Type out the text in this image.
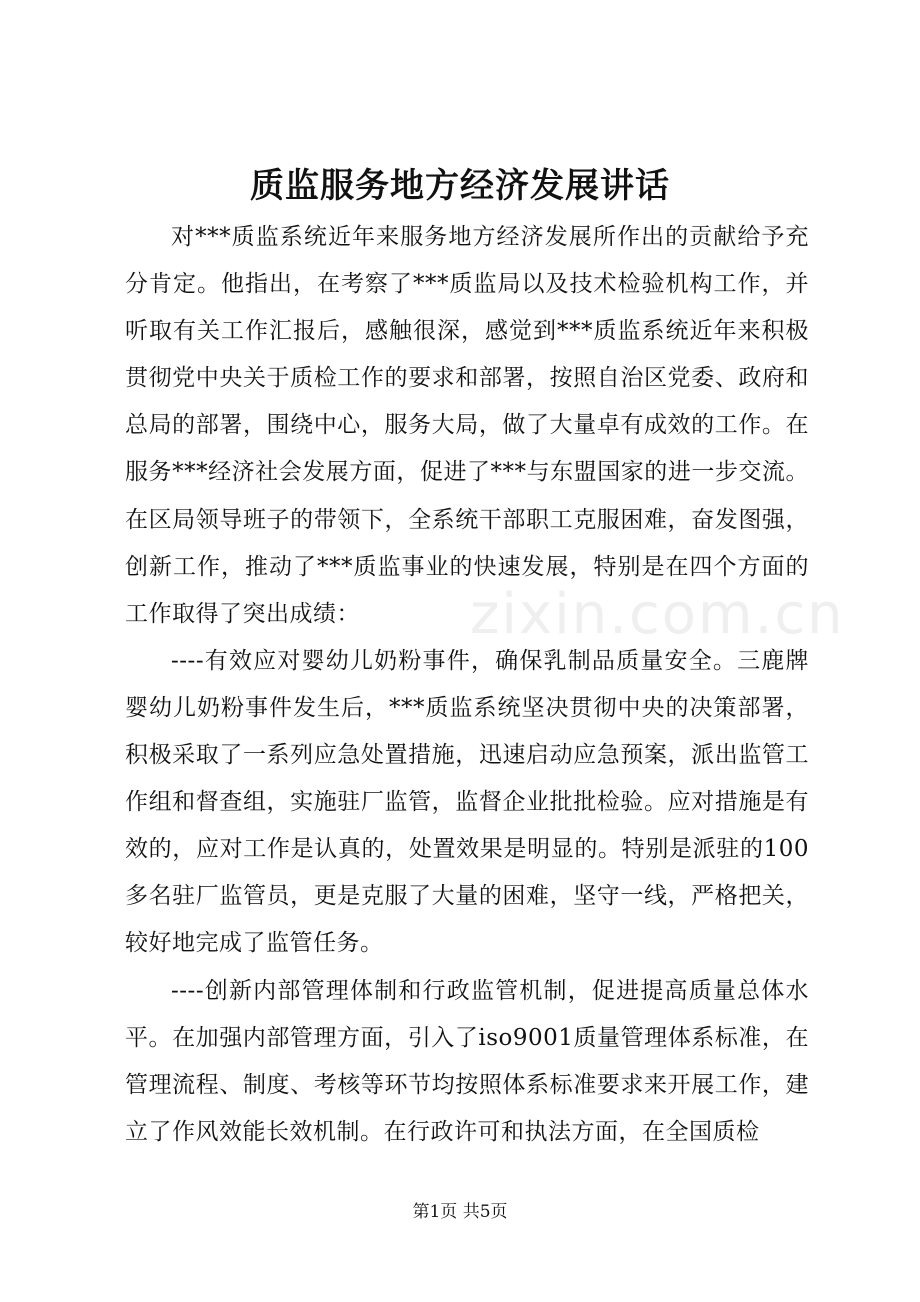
质监服务地方经济发展讲话

对***质监系统近年来服务地方经济发展所作出的贡献给予充分肯定。他指出，在考察了***质监局以及技术检验机构工作，并听取有关工作汇报后，感触很深，感觉到***质监系统近年来积极贯彻党中央关于质检工作的要求和部署，按照自治区党委、政府和总局的部署，围绕中心，服务大局，做了大量卓有成效的工作。在服务***经济社会发展方面，促进了***与东盟国家的进一步交流。在区局领导班子的带领下，全系统干部职工克服困难，奋发图强，创新工作，推动了***质监事业的快速发展，特别是在四个方面的工作取得了突出成绩：

----有效应对婴幼儿奶粉事件，确保乳制品质量安全。三鹿牌婴幼儿奶粉事件发生后，***质监系统坚决贯彻中央的决策部署，积极采取了一系列应急处置措施，迅速启动应急预案，派出监管工作组和督查组，实施驻厂监管，监督企业批批检验。应对措施是有效的，应对工作是认真的，处置效果是明显的。特别是派驻的100多名驻厂监管员，更是克服了大量的困难，坚守一线，严格把关，较好地完成了监管任务。

----创新内部管理体制和行政监管机制，促进提高质量总体水平。在加强内部管理方面，引入了iso9001质量管理体系标准，在管理流程、制度、考核等环节均按照体系标准要求来开展工作，建立了作风效能长效机制。在行政许可和执法方面，在全国质检

zixin.com.cn
第1页 共5页
